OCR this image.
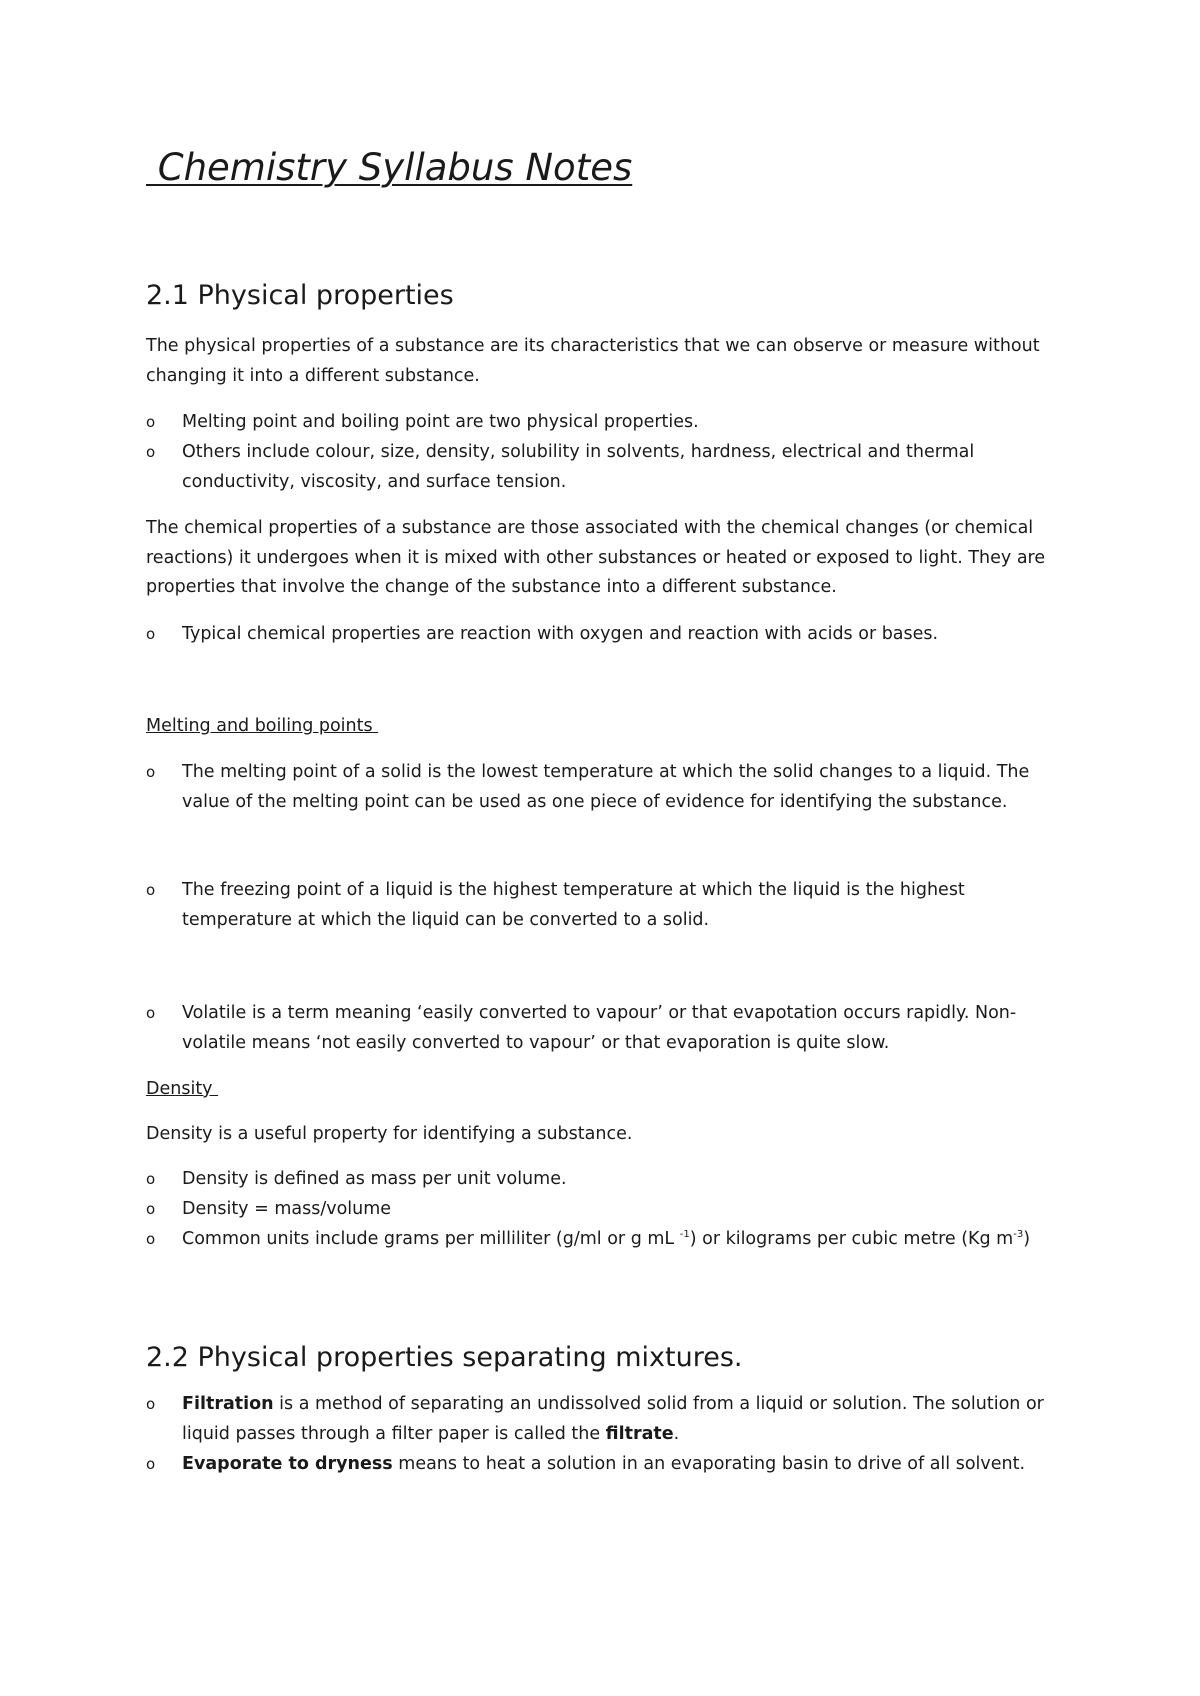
Chemistry Syllabus Notes
2.1 Physical properties

The physical properties of a substance are its characteristics that we can observe or measure without changing it into a different substance.

o Melting point and boiling point are two physical properties.
o Others include colour, size, density, solubility in solvents, hardness, electrical and thermal conductivity, viscosity, and surface tension.

The chemical properties of a substance are those associated with the chemical changes (or chemical reactions) it undergoes when it is mixed with other substances or heated or exposed to light. They are properties that involve the change of the substance into a different substance.

o Typical chemical properties are reaction with oxygen and reaction with acids or bases.
Melting and boiling points
o The melting point of a solid is the lowest temperature at which the solid changes to a liquid. The value of the melting point can be used as one piece of evidence for identifying the substance.
o The freezing point of a liquid is the highest temperature at which the liquid is the highest temperature at which the liquid can be converted to a solid.
o Volatile is a term meaning ‘easily converted to vapour’ or that evapotation occurs rapidly. Non-volatile means ‘not easily converted to vapour’ or that evaporation is quite slow.
Density

Density is a useful property for identifying a substance.

o Density is defined as mass per unit volume.
o Density = mass/volume
o Common units include grams per milliliter (g/ml or g mL $^{-1}$) or kilograms per cubic metre (Kg $m^{-3}$)
2.2 Physical properties separating mixtures.
o Filtration is a method of separating an undissolved solid from a liquid or solution. The solution or liquid passes through a filter paper is called the filtrate.
o Evaporate to dryness means to heat a solution in an evaporating basin to drive of all solvent.
